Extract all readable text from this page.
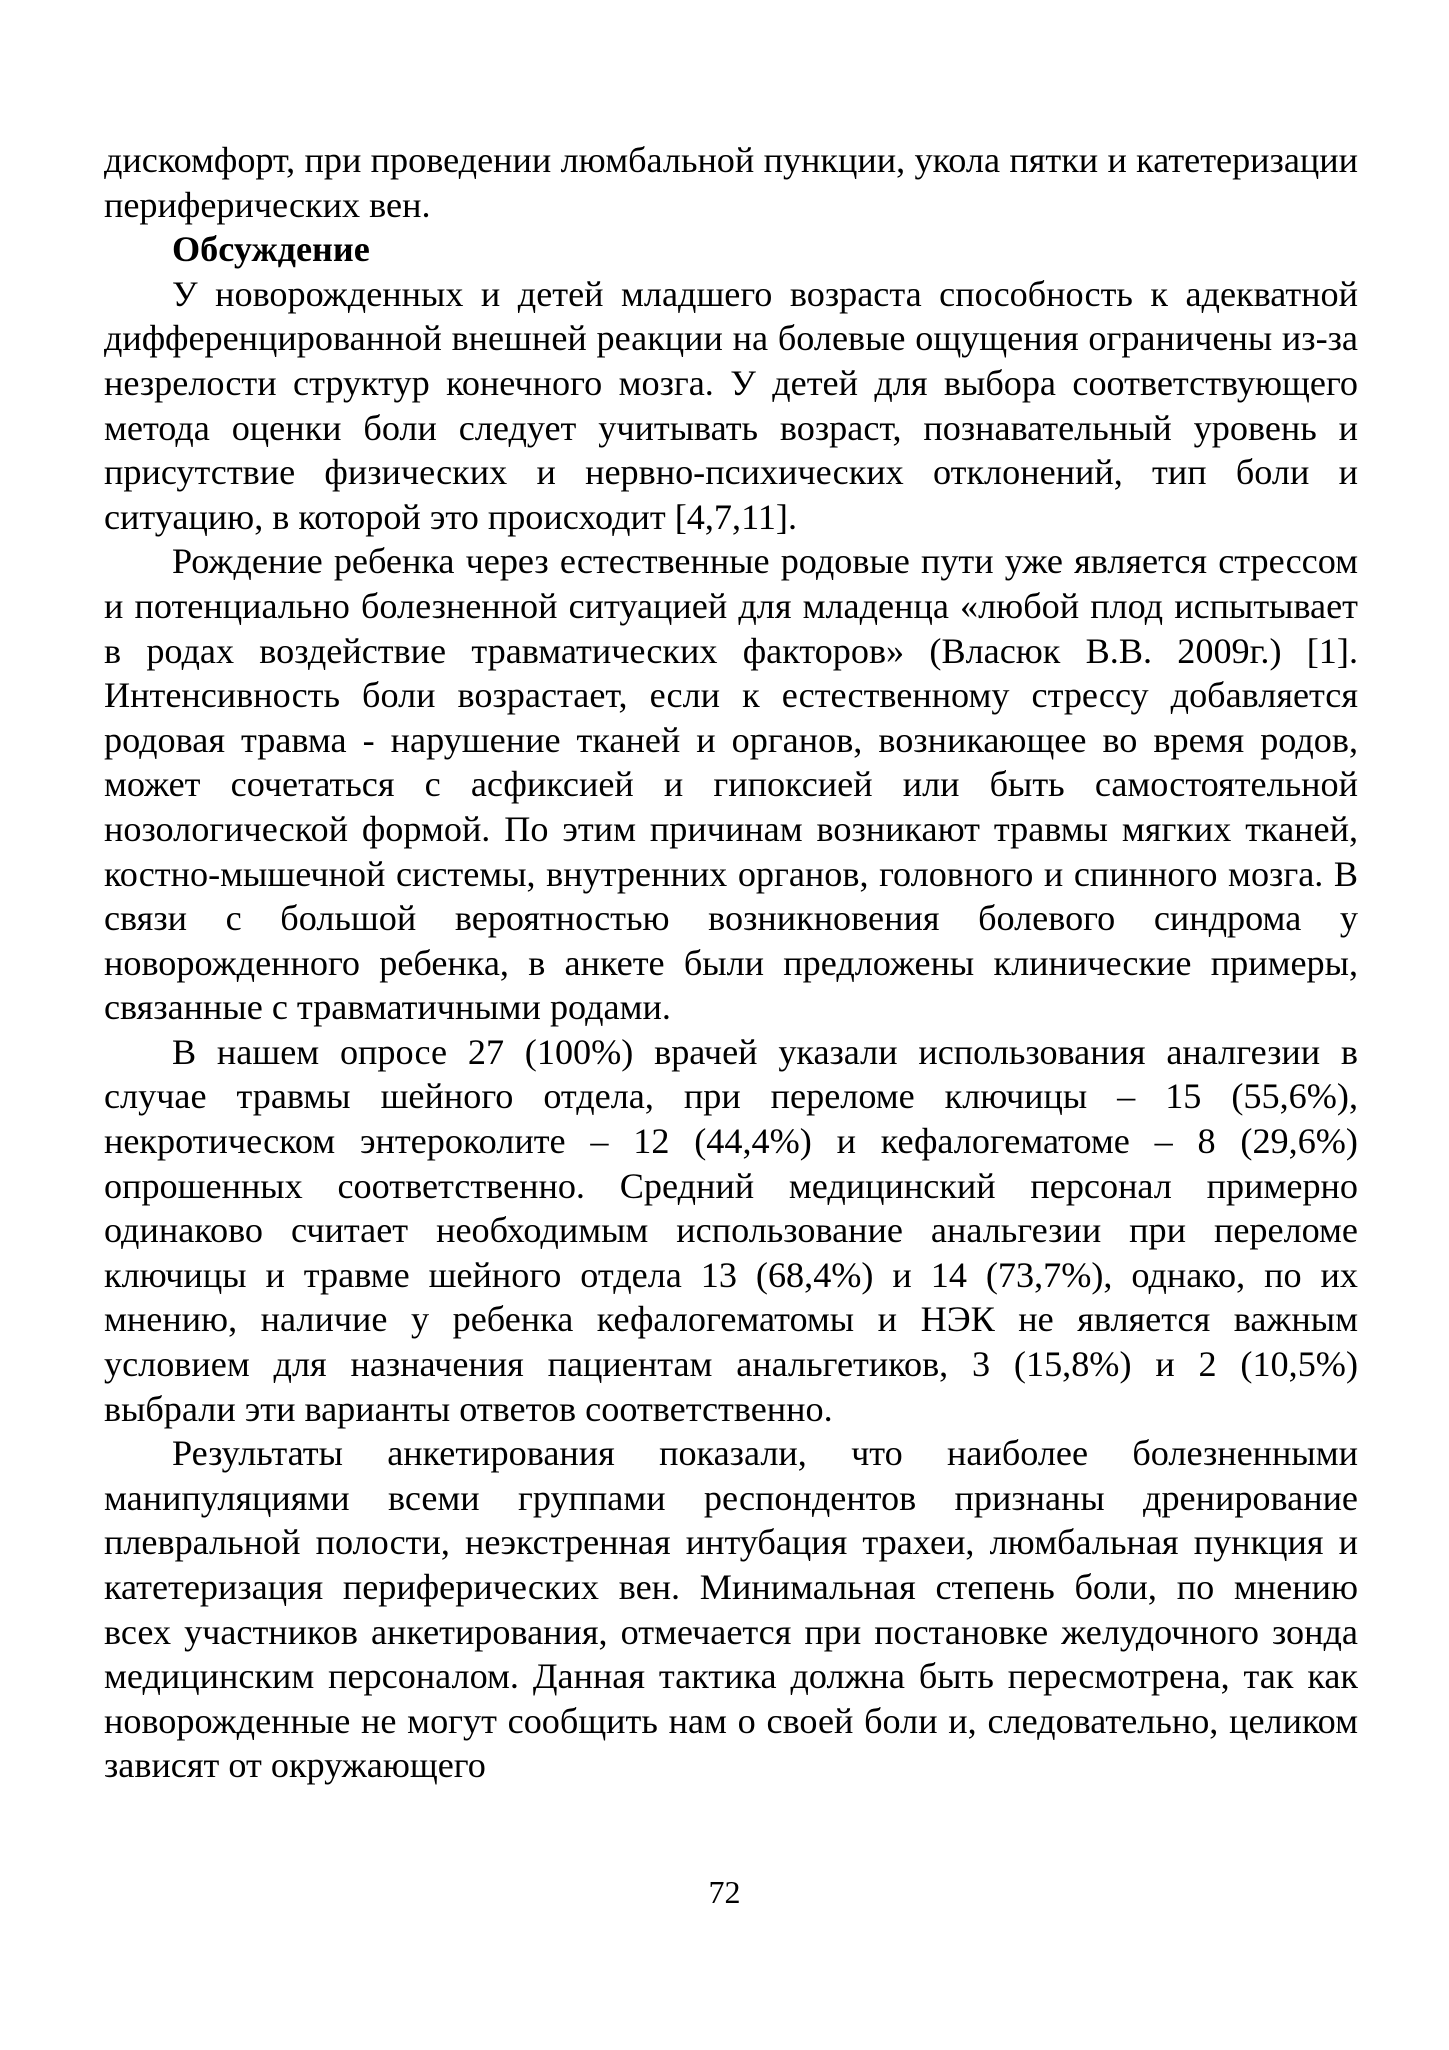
дискомфорт, при проведении люмбальной пункции, укола пятки и катетеризации периферических вен.

Обсуждение

У новорожденных и детей младшего возраста способность к адекватной дифференцированной внешней реакции на болевые ощущения ограничены из-за незрелости структур конечного мозга. У детей для выбора соответствующего метода оценки боли следует учитывать возраст, познавательный уровень и присутствие физических и нервно-психических отклонений, тип боли и ситуацию, в которой это происходит [4,7,11].

Рождение ребенка через естественные родовые пути уже является стрессом и потенциально болезненной ситуацией для младенца «любой плод испытывает в родах воздействие травматических факторов» (Власюк В.В. 2009г.) [1]. Интенсивность боли возрастает, если к естественному стрессу добавляется родовая травма - нарушение тканей и органов, возникающее во время родов, может сочетаться с асфиксией и гипоксией или быть самостоятельной нозологической формой. По этим причинам возникают травмы мягких тканей, костно-мышечной системы, внутренних органов, головного и спинного мозга. В связи с большой вероятностью возникновения болевого синдрома у новорожденного ребенка, в анкете были предложены клинические примеры, связанные с травматичными родами.

В нашем опросе 27 (100%) врачей указали использования аналгезии в случае травмы шейного отдела, при переломе ключицы – 15 (55,6%), некротическом энтероколите – 12 (44,4%) и кефалогематоме – 8 (29,6%) опрошенных соответственно. Средний медицинский персонал примерно одинаково считает необходимым использование анальгезии при переломе ключицы и травме шейного отдела 13 (68,4%) и 14 (73,7%), однако, по их мнению, наличие у ребенка кефалогематомы и НЭК не является важным условием для назначения пациентам анальгетиков, 3 (15,8%) и 2 (10,5%) выбрали эти варианты ответов соответственно.

Результаты анкетирования показали, что наиболее болезненными манипуляциями всеми группами респондентов признаны дренирование плевральной полости, неэкстренная интубация трахеи, люмбальная пункция и катетеризация периферических вен. Минимальная степень боли, по мнению всех участников анкетирования, отмечается при постановке желудочного зонда медицинским персоналом. Данная тактика должна быть пересмотрена, так как новорожденные не могут сообщить нам о своей боли и, следовательно, целиком зависят от окружающего

72
